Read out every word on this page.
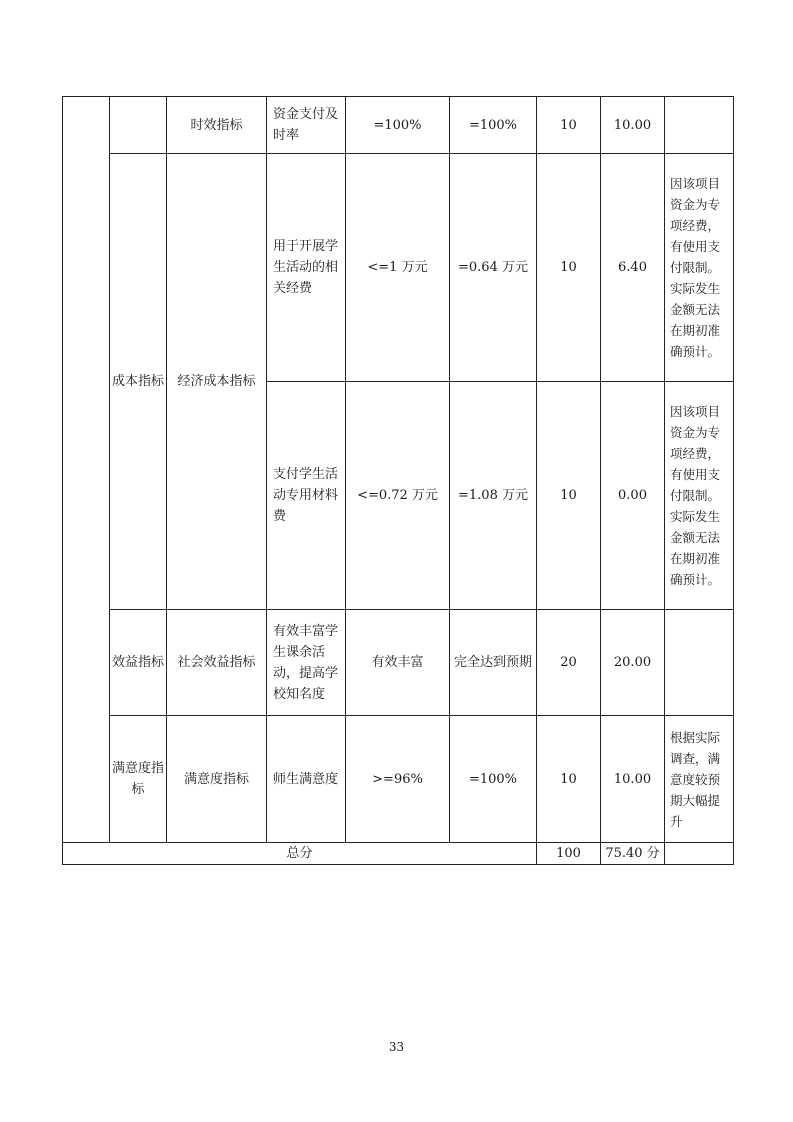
		时效指标	资金支付及时率	=100%	=100%	10	10.00	
	成本指标	经济成本指标	用于开展学生活动的相关经费	<=1 万元	=0.64 万元	10	6.40	因该项目资金为专项经费，有使用支付限制。实际发生金额无法在期初准确预计。
			支付学生活动专用材料费	<=0.72 万元	=1.08 万元	10	0.00	因该项目资金为专项经费，有使用支付限制。实际发生金额无法在期初准确预计。
	效益指标	社会效益指标	有效丰富学生课余活动，提高学校知名度	有效丰富	完全达到预期	20	20.00	
	满意度指标	满意度指标	师生满意度	>=96%	=100%	10	10.00	根据实际调查，满意度较预期大幅提升
总分						100	75.40 分	
33
